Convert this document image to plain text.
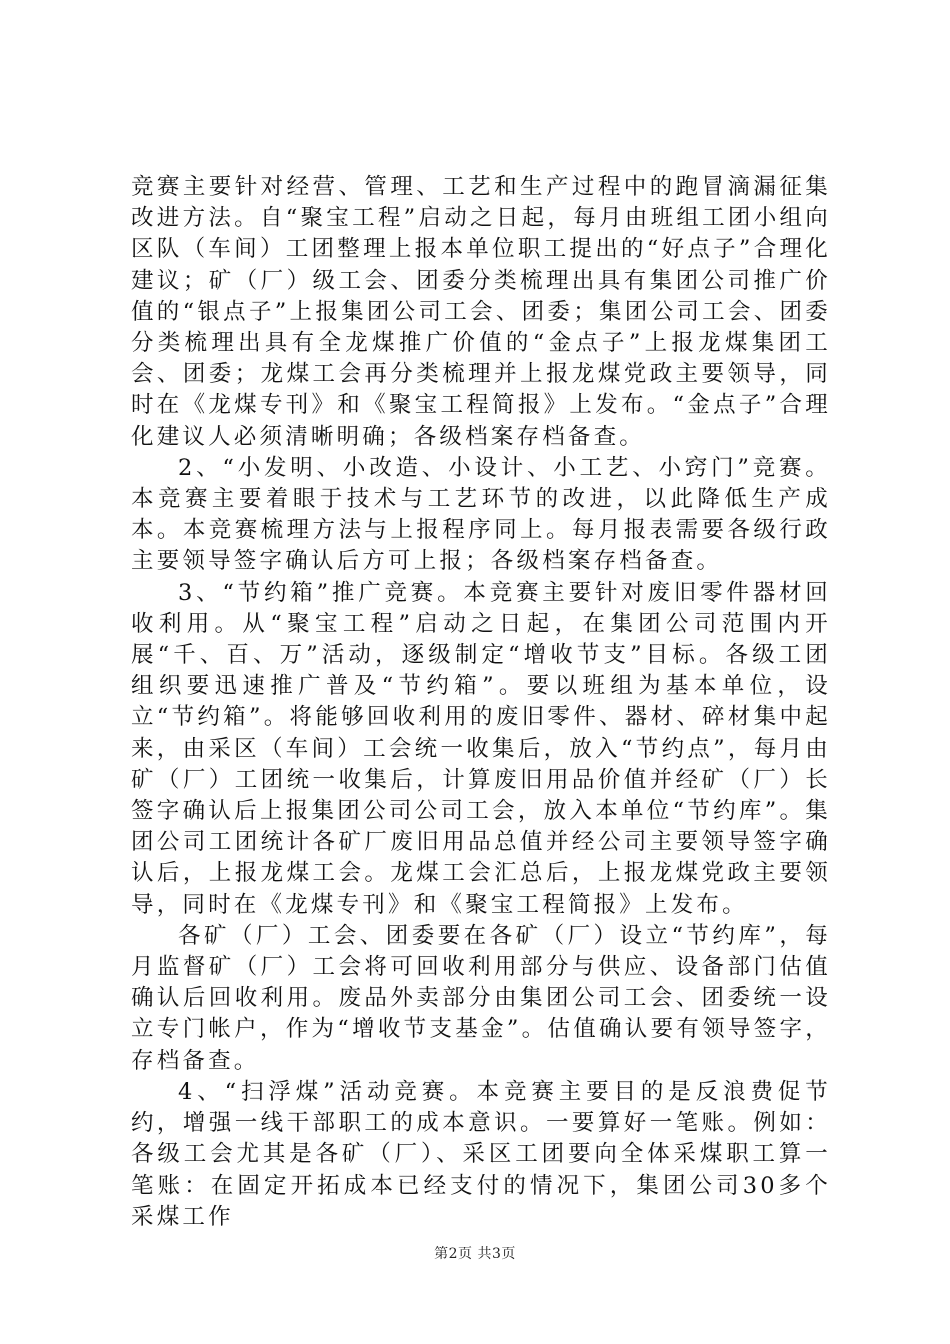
竞赛主要针对经营、管理、工艺和生产过程中的跑冒滴漏征集改进方法。自“聚宝工程”启动之日起，每月由班组工团小组向区队（车间）工团整理上报本单位职工提出的“好点子”合理化建议；矿（厂）级工会、团委分类梳理出具有集团公司推广价值的“银点子”上报集团公司工会、团委；集团公司工会、团委分类梳理出具有全龙煤推广价值的“金点子”上报龙煤集团工会、团委；龙煤工会再分类梳理并上报龙煤党政主要领导，同时在《龙煤专刊》和《聚宝工程简报》上发布。“金点子”合理化建议人必须清晰明确；各级档案存档备查。

2、“小发明、小改造、小设计、小工艺、小窍门”竞赛。本竞赛主要着眼于技术与工艺环节的改进，以此降低生产成本。本竞赛梳理方法与上报程序同上。每月报表需要各级行政主要领导签字确认后方可上报；各级档案存档备查。

3、“节约箱”推广竞赛。本竞赛主要针对废旧零件器材回收利用。从“聚宝工程”启动之日起，在集团公司范围内开展“千、百、万”活动，逐级制定“增收节支”目标。各级工团组织要迅速推广普及“节约箱”。要以班组为基本单位，设立“节约箱”。将能够回收利用的废旧零件、器材、碎材集中起来，由采区（车间）工会统一收集后，放入“节约点”，每月由矿（厂）工团统一收集后，计算废旧用品价值并经矿（厂）长签字确认后上报集团公司公司工会，放入本单位“节约库”。集团公司工团统计各矿厂废旧用品总值并经公司主要领导签字确认后，上报龙煤工会。龙煤工会汇总后，上报龙煤党政主要领导，同时在《龙煤专刊》和《聚宝工程简报》上发布。

各矿（厂）工会、团委要在各矿（厂）设立“节约库”，每月监督矿（厂）工会将可回收利用部分与供应、设备部门估值确认后回收利用。废品外卖部分由集团公司工会、团委统一设立专门帐户，作为“增收节支基金”。估值确认要有领导签字，存档备查。

4、“扫浮煤”活动竞赛。本竞赛主要目的是反浪费促节约，增强一线干部职工的成本意识。一要算好一笔账。例如：各级工会尤其是各矿（厂）、采区工团要向全体采煤职工算一笔账：在固定开拓成本已经支付的情况下，集团公司30多个采煤工作

第2页 共3页
